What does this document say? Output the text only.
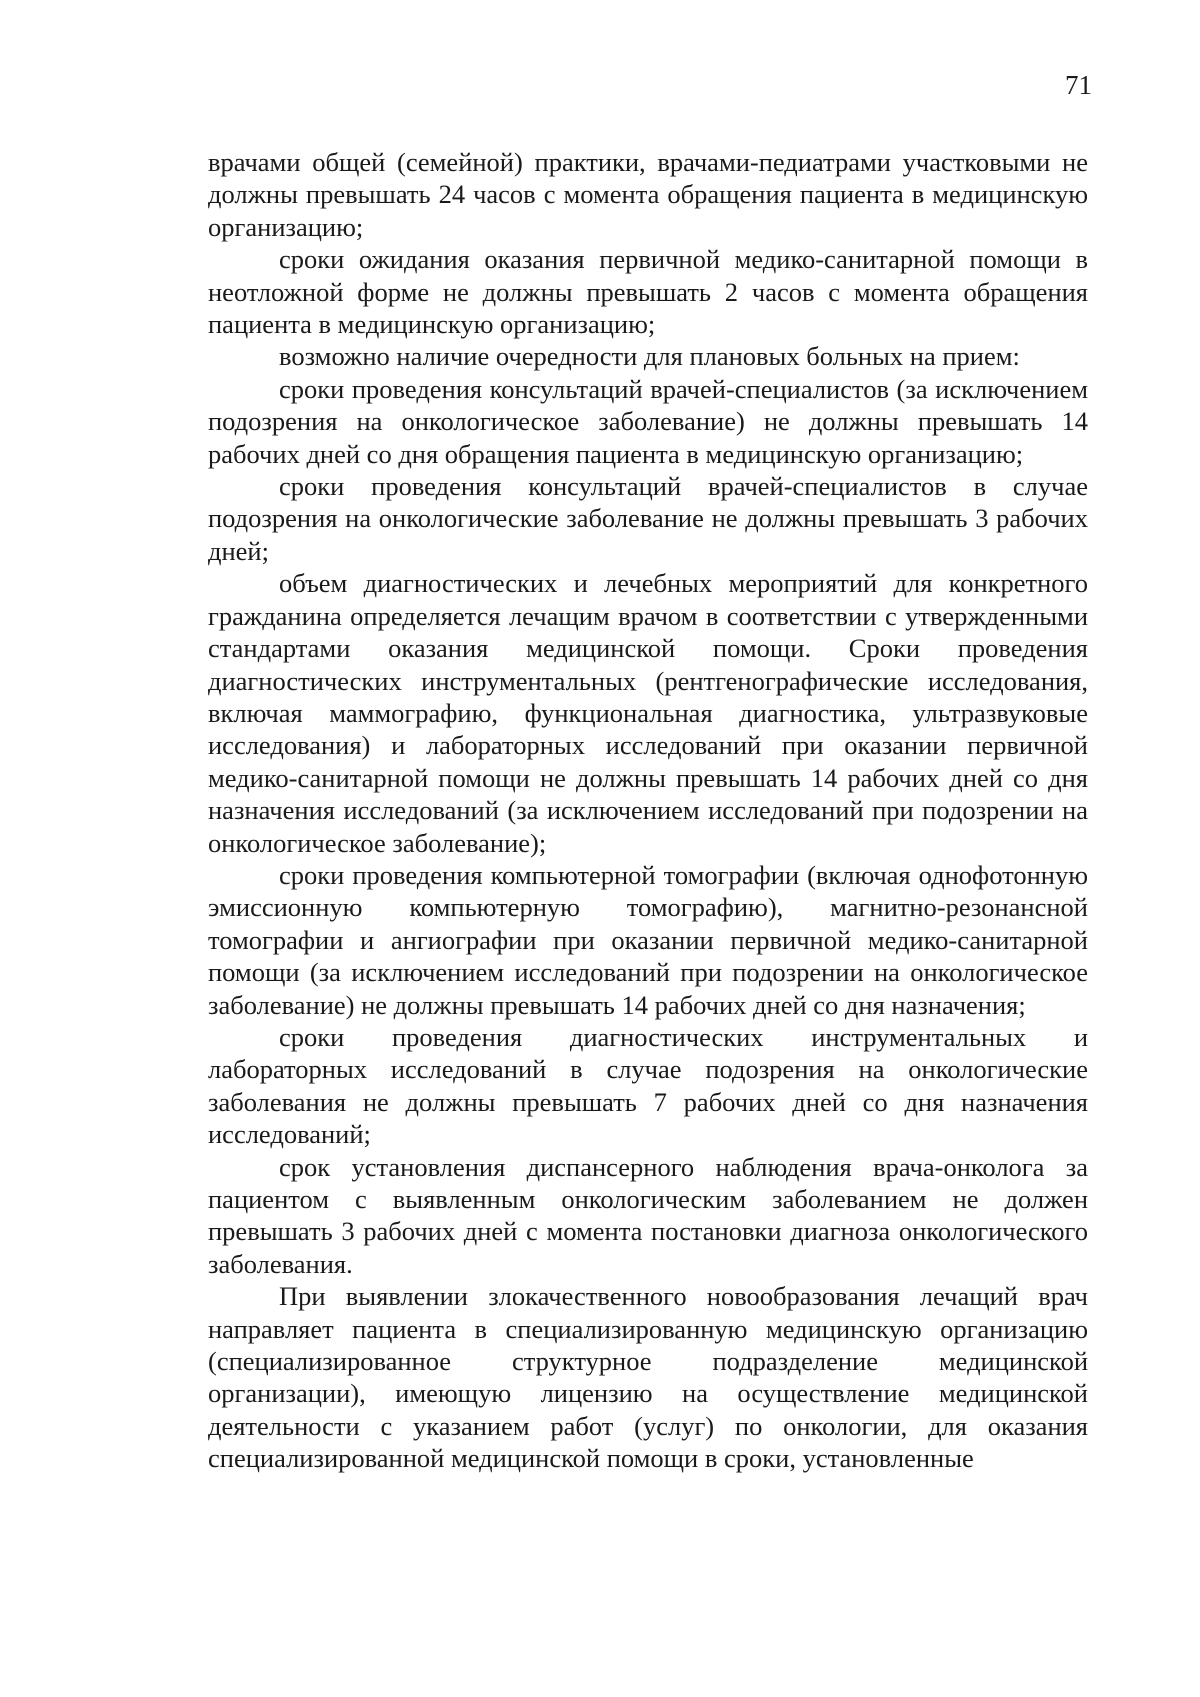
71

врачами общей (семейной) практики, врачами-педиатрами участковыми не должны превышать 24 часов с момента обращения пациента в медицинскую организацию;

сроки ожидания оказания первичной медико-санитарной помощи в неотложной форме не должны превышать 2 часов с момента обращения пациента в медицинскую организацию;

возможно наличие очередности для плановых больных на прием:

сроки проведения консультаций врачей-специалистов (за исключением подозрения на онкологическое заболевание) не должны превышать 14 рабочих дней со дня обращения пациента в медицинскую организацию;

сроки проведения консультаций врачей-специалистов в случае подозрения на онкологические заболевание не должны превышать 3 рабочих дней;

объем диагностических и лечебных мероприятий для конкретного гражданина определяется лечащим врачом в соответствии с утвержденными стандартами оказания медицинской помощи. Сроки проведения диагностических инструментальных (рентгенографические исследования, включая маммографию, функциональная диагностика, ультразвуковые исследования) и лабораторных исследований при оказании первичной медико-санитарной помощи не должны превышать 14 рабочих дней со дня назначения исследований (за исключением исследований при подозрении на онкологическое заболевание);

сроки проведения компьютерной томографии (включая однофотонную эмиссионную компьютерную томографию), магнитно-резонансной томографии и ангиографии при оказании первичной медико-санитарной помощи (за исключением исследований при подозрении на онкологическое заболевание) не должны превышать 14 рабочих дней со дня назначения;

сроки проведения диагностических инструментальных и лабораторных исследований в случае подозрения на онкологические заболевания не должны превышать 7 рабочих дней со дня назначения исследований;

срок установления диспансерного наблюдения врача-онколога за пациентом с выявленным онкологическим заболеванием не должен превышать 3 рабочих дней с момента постановки диагноза онкологического заболевания.

При выявлении злокачественного новообразования лечащий врач направляет пациента в специализированную медицинскую организацию (специализированное структурное подразделение медицинской организации), имеющую лицензию на осуществление медицинской деятельности с указанием работ (услуг) по онкологии, для оказания специализированной медицинской помощи в сроки, установленные
